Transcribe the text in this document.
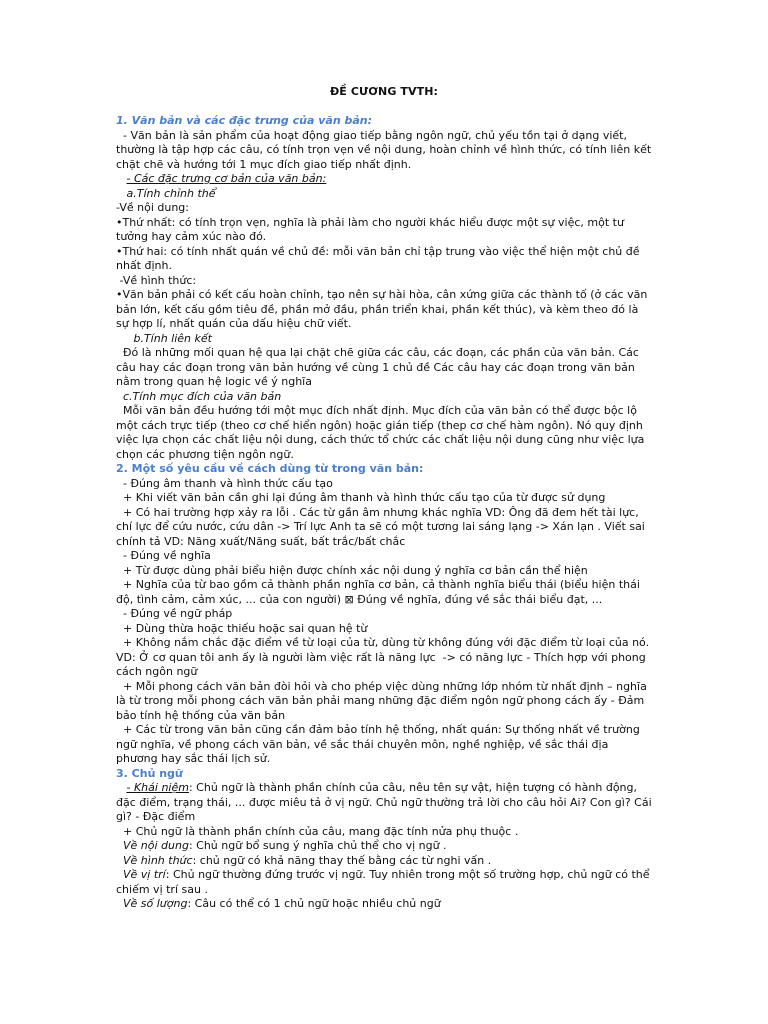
ĐỀ CƯƠNG TVTH:
1. Văn bản và các đặc trưng của văn bản:

- Văn bản là sản phẩm của hoạt động giao tiếp bằng ngôn ngữ, chủ yếu tồn tại ở dạng viết, thường là tập hợp các câu, có tính trọn vẹn về nội dung, hoàn chỉnh về hình thức, có tính liên kết chặt chẽ và hướng tới 1 mục đích giao tiếp nhất định.

- Các đặc trưng cơ bản của văn bản:

a.Tính chỉnh thể

-Về nội dung:

•Thứ nhất: có tính trọn vẹn, nghĩa là phải làm cho người khác hiểu được một sự việc, một tư tưởng hay cảm xúc nào đó.

•Thứ hai: có tính nhất quán về chủ đề: mỗi văn bản chỉ tập trung vào việc thể hiện một chủ đề nhất định.

-Về hình thức:

•Văn bản phải có kết cấu hoàn chỉnh, tạo nên sự hài hòa, cân xứng giữa các thành tố (ở các văn bản lớn, kết cấu gồm tiêu đề, phần mở đầu, phần triển khai, phần kết thúc), và kèm theo đó là sự hợp lí, nhất quán của dấu hiệu chữ viết.

b.Tính liên kết

Đó là những mối quan hệ qua lại chặt chẽ giữa các câu, các đoạn, các phần của văn bản. Các câu hay các đoạn trong văn bản hướng về cùng 1 chủ đề Các câu hay các đoạn trong văn bản nằm trong quan hệ logic về ý nghĩa

c.Tính mục đích của văn bản

Mỗi văn bản đều hướng tới một mục đích nhất định. Mục đích của văn bản có thể được bộc lộ một cách trực tiếp (theo cơ chế hiển ngôn) hoặc gián tiếp (thep cơ chế hàm ngôn). Nó quy định việc lựa chọn các chất liệu nội dung, cách thức tổ chức các chất liệu nội dung cũng như việc lựa chọn các phương tiện ngôn ngữ.

2. Một số yêu cầu về cách dùng từ trong văn bản:

- Đúng âm thanh và hình thức cấu tạo

+ Khi viết văn bản cần ghi lại đúng âm thanh và hình thức cấu tạo của từ được sử dụng

+ Có hai trường hợp xảy ra lỗi . Các từ gần âm nhưng khác nghĩa VD: Ông đã đem hết tài lực, chí lực để cứu nước, cứu dân -> Trí lực Anh ta sẽ có một tương lai sáng lạng -> Xán lạn . Viết sai chính tả VD: Năng xuất/Năng suất, bất trắc/bất chắc

- Đúng về nghĩa

+ Từ được dùng phải biểu hiện được chính xác nội dung ý nghĩa cơ bản cần thể hiện

+ Nghĩa của từ bao gồm cả thành phần nghĩa cơ bản, cả thành nghĩa biểu thái (biểu hiện thái độ, tình cảm, cảm xúc, ... của con người) ⊠ Đúng về nghĩa, đúng về sắc thái biểu đạt, ...

- Đúng về ngữ pháp

+ Dùng thừa hoặc thiếu hoặc sai quan hệ từ

+ Không nắm chắc đặc điểm về từ loại của từ, dùng từ không đúng với đặc điểm từ loại của nó. VD: Ở cơ quan tôi anh ấy là người làm việc rất là năng lực  -> có năng lực - Thích hợp với phong cách ngôn ngữ

+ Mỗi phong cách văn bản đòi hỏi và cho phép việc dùng những lớp nhóm từ nhất định – nghĩa là từ trong mỗi phong cách văn bản phải mang những đặc điểm ngôn ngữ phong cách ấy - Đảm bảo tính hệ thống của văn bản

+ Các từ trong văn bản cũng cần đảm bảo tính hệ thống, nhất quán: Sự thống nhất về trường ngữ nghĩa, về phong cách văn bản, về sắc thái chuyên môn, nghề nghiệp, về sắc thái địa phương hay sắc thái lịch sử.

3. Chủ ngữ

- Khái niệm: Chủ ngữ là thành phần chính của câu, nêu tên sự vật, hiện tượng có hành động, đặc điểm, trạng thái, ... được miêu tả ở vị ngữ. Chủ ngữ thường trả lời cho câu hỏi Ai? Con gì? Cái gì? - Đặc điểm

+ Chủ ngữ là thành phần chính của câu, mang đặc tính nửa phụ thuộc .

Về nội dung: Chủ ngữ bổ sung ý nghĩa chủ thể cho vị ngữ .

Về hình thức: chủ ngữ có khả năng thay thế bằng các từ nghi vấn .

Về vị trí: Chủ ngữ thường đứng trước vị ngữ. Tuy nhiên trong một số trường hợp, chủ ngữ có thể chiếm vị trí sau .

Về số lượng: Câu có thể có 1 chủ ngữ hoặc nhiều chủ ngữ
